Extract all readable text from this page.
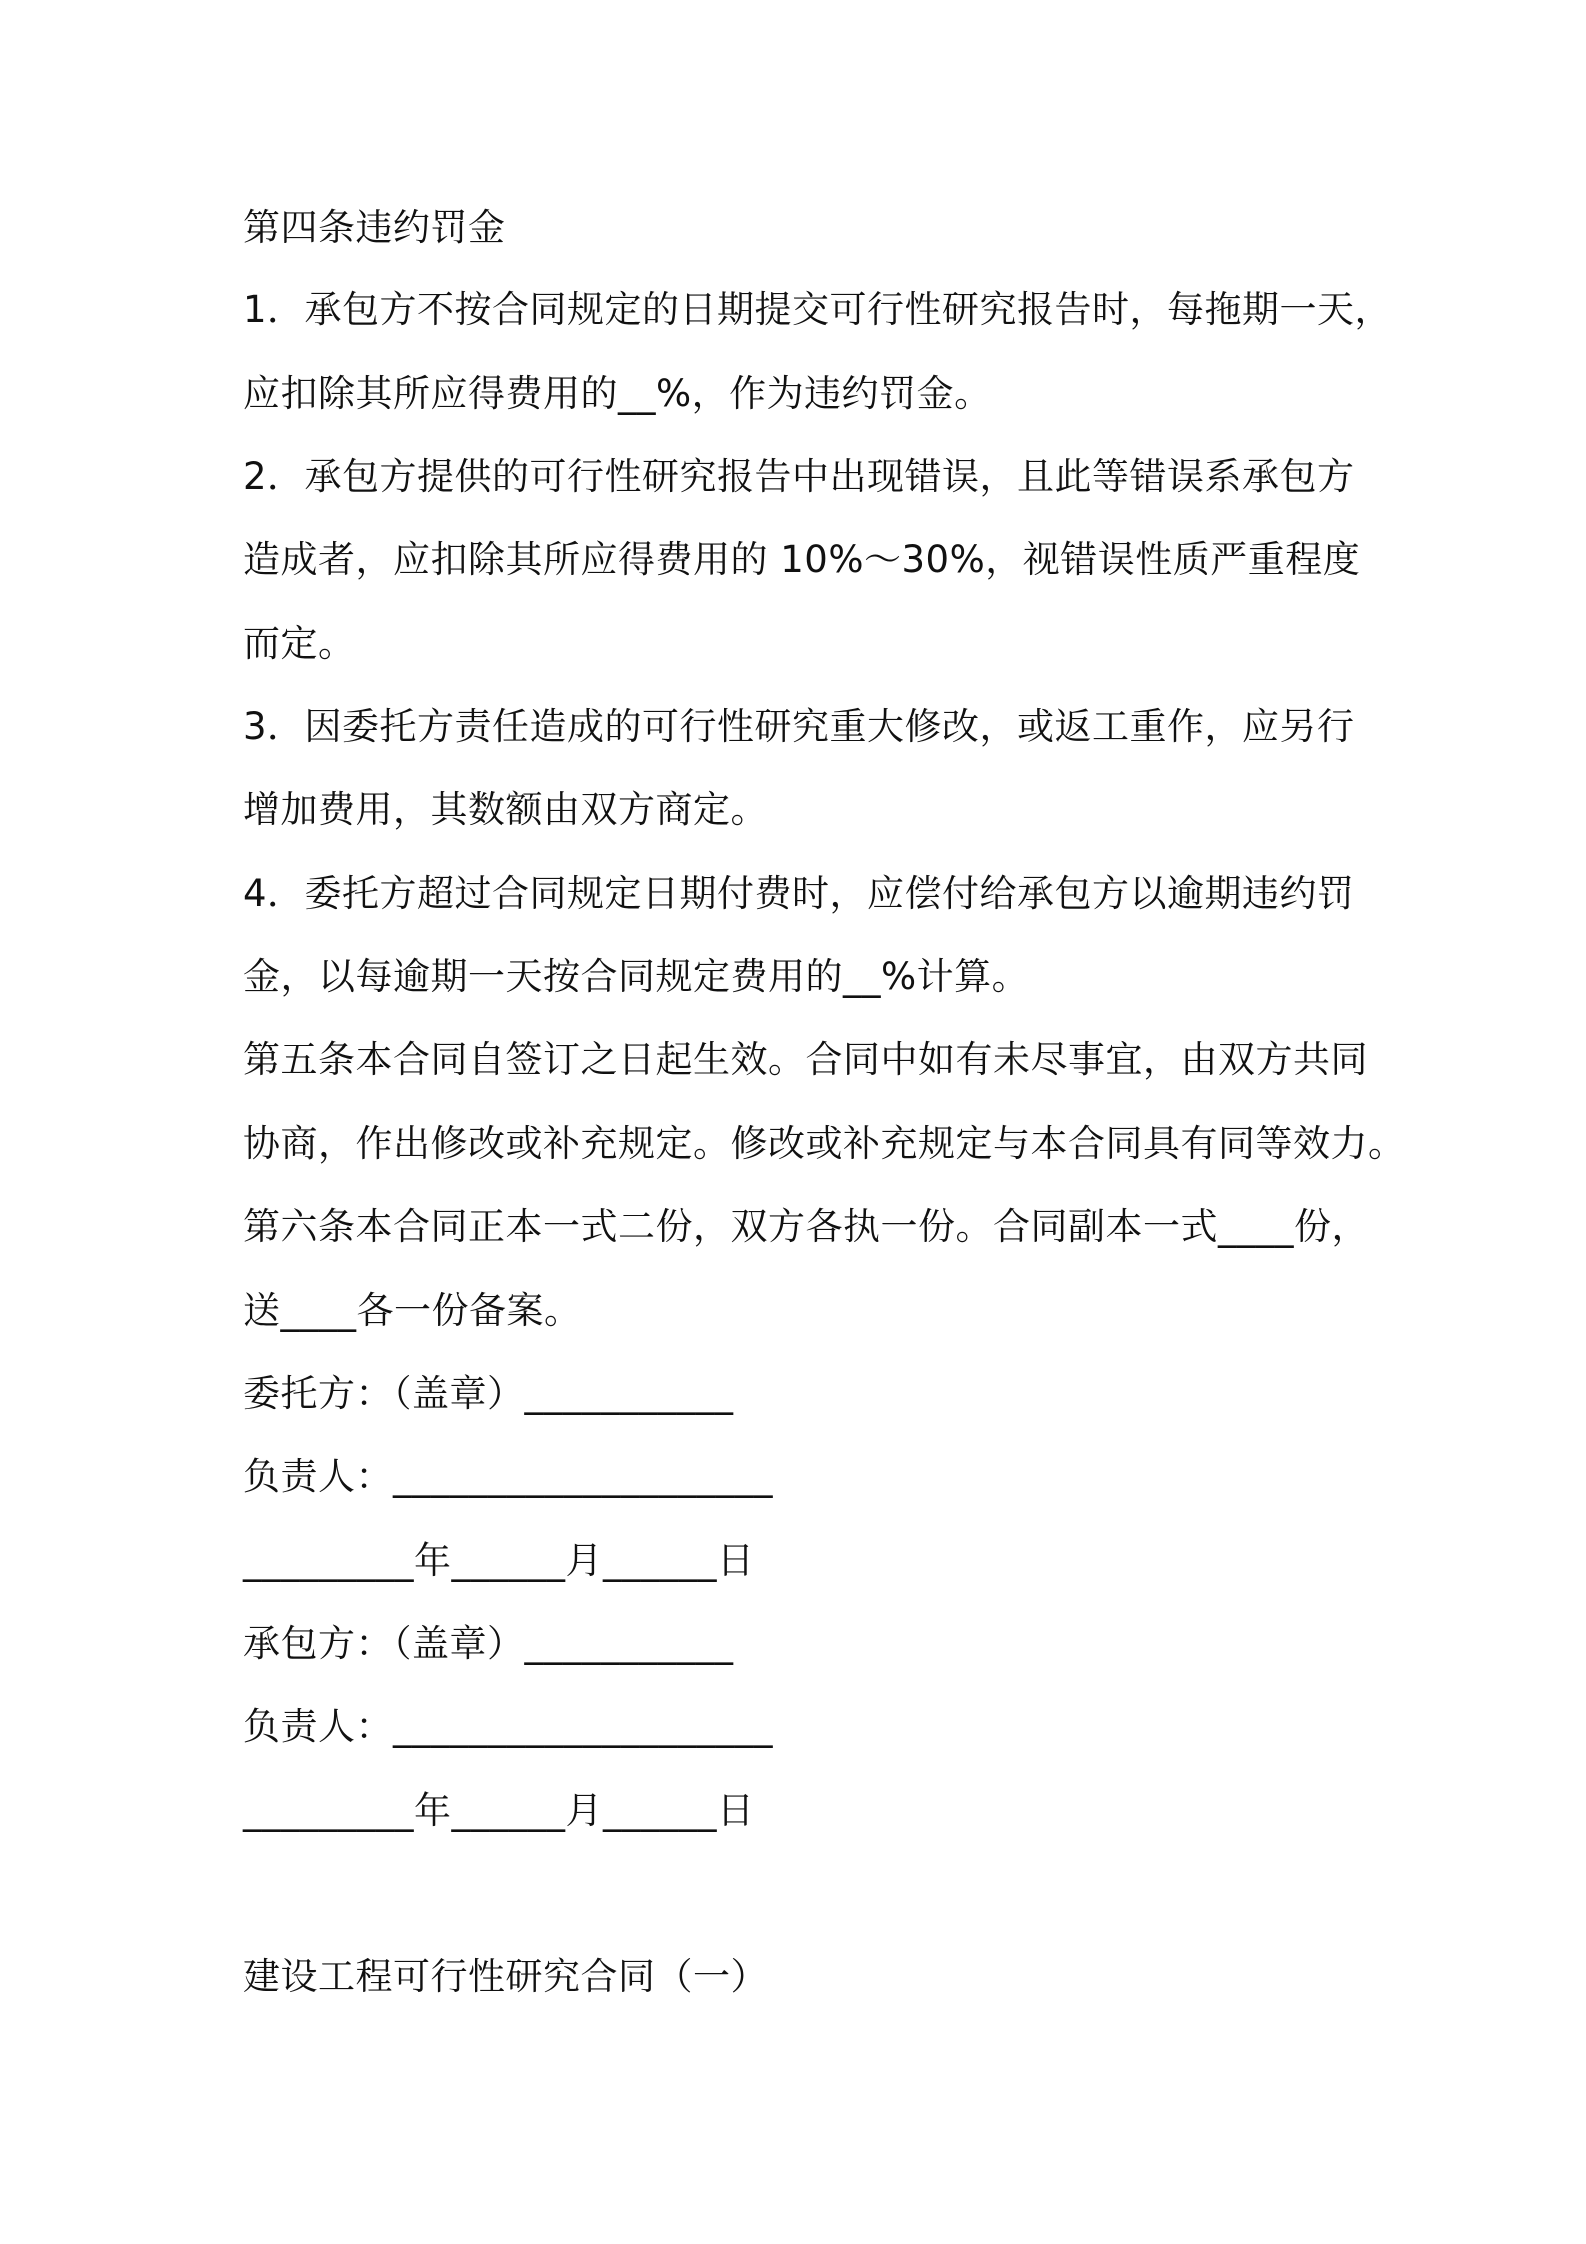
第四条违约罚金

1．承包方不按合同规定的日期提交可行性研究报告时，每拖期一天，

应扣除其所应得费用的__%，作为违约罚金。

2．承包方提供的可行性研究报告中出现错误，且此等错误系承包方

造成者，应扣除其所应得费用的 10%～30%，视错误性质严重程度

而定。

3．因委托方责任造成的可行性研究重大修改，或返工重作，应另行

增加费用，其数额由双方商定。

4．委托方超过合同规定日期付费时，应偿付给承包方以逾期违约罚

金，以每逾期一天按合同规定费用的__%计算。

第五条本合同自签订之日起生效。合同中如有未尽事宜，由双方共同

协商，作出修改或补充规定。修改或补充规定与本合同具有同等效力。

第六条本合同正本一式二份，双方各执一份。合同副本一式____份，

送____各一份备案。

委托方：（盖章）___________

负责人：____________________

_________年______月______日

承包方：（盖章）___________

负责人：____________________

_________年______月______日

建设工程可行性研究合同（一）
